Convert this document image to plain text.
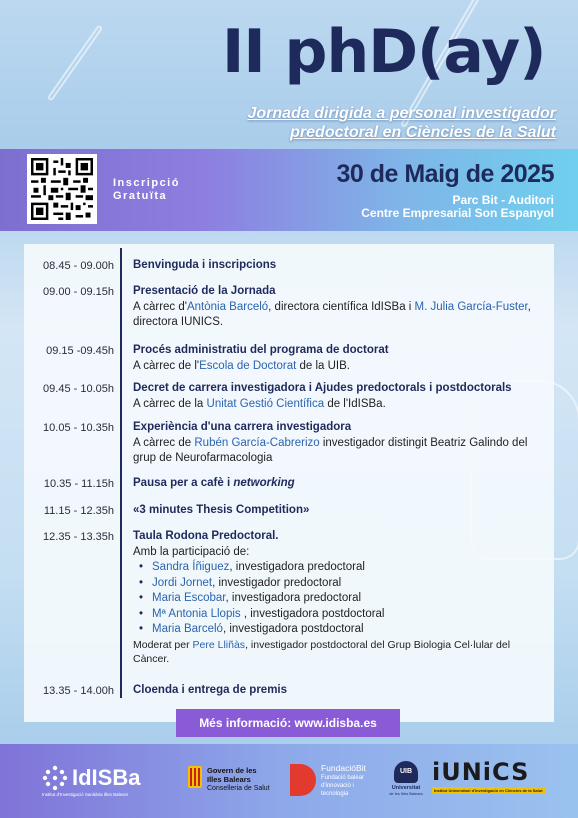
II phD(ay)
Jornada dirigida a personal investigador
predoctoral en Ciències de la Salut
Inscripció
Gratuïta
30 de Maig de 2025
Parc Bit - Auditori
Centre Empresarial Son Espanyol
08.45 - 09.00h Benvinguda i inscripcions
09.00 - 09.15h Presentació de la Jornada
A càrrec d'Antònia Barceló, directora científica IdISBa i M. Julia García-Fuster,
directora IUNICS.
09.15 -09.45h Procés administratiu del programa de doctorat
A càrrec de l'Escola de Doctorat de la UIB.
09.45 - 10.05h Decret de carrera investigadora i Ajudes predoctorals i postdoctorals
A càrrec de la Unitat Gestió Científica de l'IdISBa.
10.05 - 10.35h Experiència d'una carrera investigadora
A càrrec de Rubén García-Cabrerizo investigador distingit Beatriz Galindo del
grup de Neurofarmacologia
10.35 - 11.15h Pausa per a cafè i networking
11.15 - 12.35h «3 minutes Thesis Competition»
12.35 - 13.35h Taula Rodona Predoctoral.
Amb la participació de:
• Sandra Íñiguez, investigadora predoctoral
• Jordi Jornet, investigador predoctoral
• Maria Escobar, investigadora predoctoral
• Mª Antonia Llopis , investigadora postdoctoral
• Maria Barceló, investigadora postdoctoral
Moderat per Pere Lliñàs, investigador postdoctoral del Grup Biologia Cel·lular del
Càncer.
13.35 - 14.00h Cloenda i entrega de premis
Més informació: www.idisba.es
IdISBa
Institut d'Investigació Sanitària Illes Balears
Govern de les
Illes Balears
Conselleria de Salut
FundacióBit
Fundació balear
d'innovació i
tecnologia
UIB
Universitat
de les Illes Balears
iUNiCS
Institut Universitari d'Investigació en Ciències de la Salut
